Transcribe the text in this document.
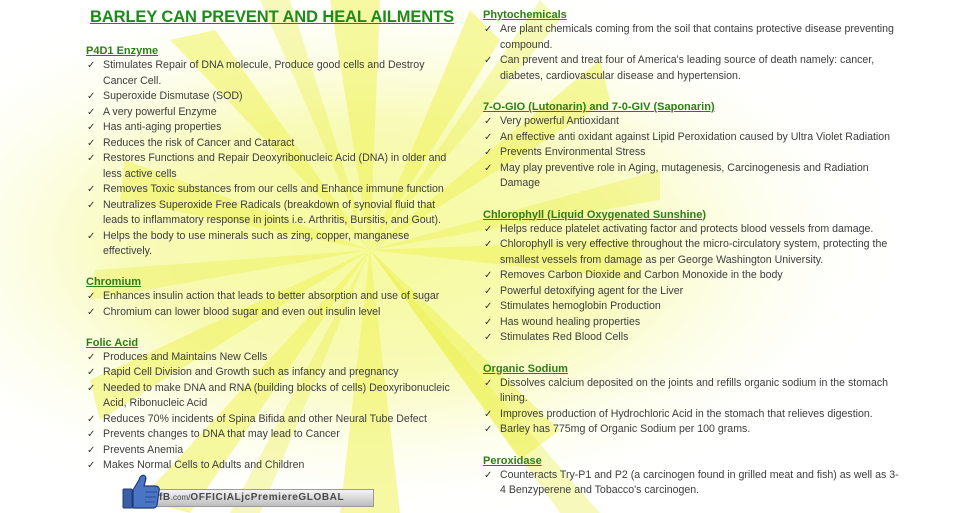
BARLEY CAN PREVENT AND HEAL AILMENTS
P4D1 Enzyme
✓ Stimulates Repair of DNA molecule, Produce good cells and Destroy Cancer Cell.
✓ Superoxide Dismutase (SOD)
✓ A very powerful Enzyme
✓ Has anti-aging properties
✓ Reduces the risk of Cancer and Cataract
✓ Restores Functions and Repair Deoxyribonucleic Acid (DNA) in older and less active cells
✓ Removes Toxic substances from our cells and Enhance immune function
✓ Neutralizes Superoxide Free Radicals (breakdown of synovial fluid that leads to inflammatory response in joints i.e. Arthritis, Bursitis, and Gout).
✓ Helps the body to use minerals such as zing, copper, manganese effectively.
Chromium
✓ Enhances insulin action that leads to better absorption and use of sugar
✓ Chromium can lower blood sugar and even out insulin level
Folic Acid
✓ Produces and Maintains New Cells
✓ Rapid Cell Division and Growth such as infancy and pregnancy
✓ Needed to make DNA and RNA (building blocks of cells) Deoxyribonucleic Acid, Ribonucleic Acid
✓ Reduces 70% incidents of Spina Bifida and other Neural Tube Defect
✓ Prevents changes to DNA that may lead to Cancer
✓ Prevents Anemia
✓ Makes Normal Cells to Adults and Children
Phytochemicals
✓ Are plant chemicals coming from the soil that contains protective disease preventing compound.
✓ Can prevent and treat four of America's leading source of death namely: cancer, diabetes, cardiovascular disease and hypertension.
7-O-GIO (Lutonarin) and 7-0-GIV (Saponarin)
✓ Very powerful Antioxidant
✓ An effective anti oxidant against Lipid Peroxidation caused by Ultra Violet Radiation
✓ Prevents Environmental Stress
✓ May play preventive role in Aging, mutagenesis, Carcinogenesis and Radiation Damage
Chlorophyll (Liquid Oxygenated Sunshine)
✓ Helps reduce platelet activating factor and protects blood vessels from damage.
✓ Chlorophyll is very effective throughout the micro-circulatory system, protecting the smallest vessels from damage as per George Washington University.
✓ Removes Carbon Dioxide and Carbon Monoxide in the body
✓ Powerful detoxifying agent for the Liver
✓ Stimulates hemoglobin Production
✓ Has wound healing properties
✓ Stimulates Red Blood Cells
Organic Sodium
✓ Dissolves calcium deposited on the joints and refills organic sodium in the stomach lining.
✓ Improves production of Hydrochloric Acid in the stomach that relieves digestion.
✓ Barley has 775mg of Organic Sodium per 100 grams.
Peroxidase
✓ Counteracts Try-P1 and P2 (a carcinogen found in grilled meat and fish) as well as 3-4 Benzyperene and Tobacco's carcinogen.
fB.com/OFFICIALjcPremiereGLOBAL
